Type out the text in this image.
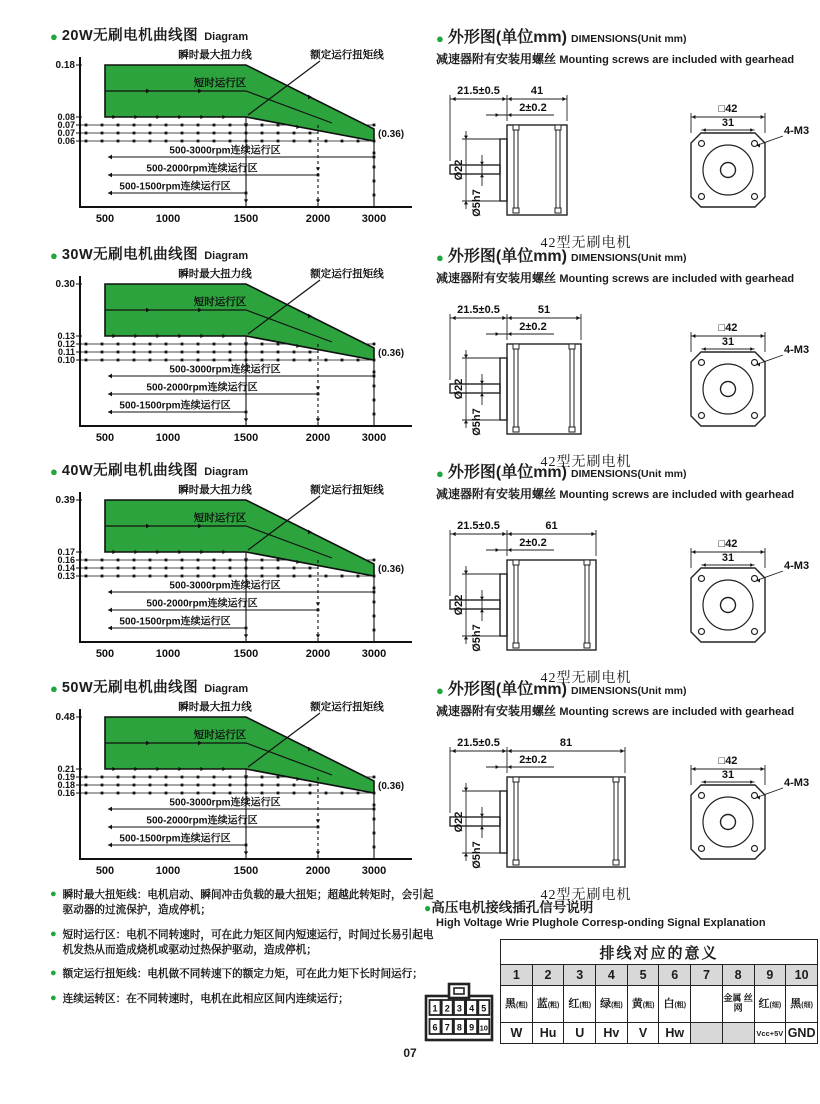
● 20W无刷电机曲线图 Diagram
500-3000rpm连续运行区
500-2000rpm连续运行区
500-1500rpm连续运行区
0.18
0.08
0.07
0.07
0.06
500	1000	1500	2000	3000
瞬时最大扭力线
短时运行区
额定运行扭矩线
(0.36)
● 30W无刷电机曲线图 Diagram
500-3000rpm连续运行区
500-2000rpm连续运行区
500-1500rpm连续运行区
0.30
0.13
0.12
0.11
0.10
500	1000	1500	2000	3000
瞬时最大扭力线
短时运行区
额定运行扭矩线
(0.36)
● 40W无刷电机曲线图 Diagram
500-3000rpm连续运行区
500-2000rpm连续运行区
500-1500rpm连续运行区
0.39
0.17
0.16
0.14
0.13
500	1000	1500	2000	3000
瞬时最大扭力线
短时运行区
额定运行扭矩线
(0.36)
● 50W无刷电机曲线图 Diagram
500-3000rpm连续运行区
500-2000rpm连续运行区
500-1500rpm连续运行区
0.48
0.21
0.19
0.18
0.16
500	1000	1500	2000	3000
瞬时最大扭力线
短时运行区
额定运行扭矩线
(0.36)
● 外形图(单位mm) DIMENSIONS(Unit mm)
减速器附有安装用螺丝 Mounting screws are included with gearhead
21.5±0.5	41
2±0.2
Ø22
Ø5h7
□42
31
4-M3
42型无刷电机
● 外形图(单位mm) DIMENSIONS(Unit mm)
减速器附有安装用螺丝 Mounting screws are included with gearhead
21.5±0.5	51
2±0.2
Ø22
Ø5h7
□42
31
4-M3
42型无刷电机
● 外形图(单位mm) DIMENSIONS(Unit mm)
减速器附有安装用螺丝 Mounting screws are included with gearhead
21.5±0.5	61
2±0.2
Ø22
Ø5h7
□42
31
4-M3
42型无刷电机
● 外形图(单位mm) DIMENSIONS(Unit mm)
减速器附有安装用螺丝 Mounting screws are included with gearhead
21.5±0.5	81
2±0.2
Ø22
Ø5h7
□42
31
4-M3
42型无刷电机
● 瞬时最大扭矩线：电机启动、瞬间冲击负载的最大扭矩；超越此转矩时，会引起驱动器的过流保护，造成停机；
● 短时运行区：电机不同转速时，可在此力矩区间内短速运行，时间过长易引起电机发热从而造成烧机或驱动过热保护驱动，造成停机；
● 额定运行扭矩线：电机做不同转速下的额定力矩，可在此力矩下长时间运行；
● 连续运转区：在不同转速时，电机在此相应区间内连续运行；
●高压电机接线插孔信号说明
High Voltage Wrie Plughole Corresp-onding Signal Explanation
1 2 3 4 5
6 7 8 9 10
排线对应的意义									
1	2	3	4	5	6	7	8	9	10
黑(粗)	蓝(粗)	红(粗)	绿(粗)	黄(粗)	白(粗)		金属 丝网	红(细)	黑(细)
W	Hu	U	Hv	V	Hw			Vcc+5V	GND
07
